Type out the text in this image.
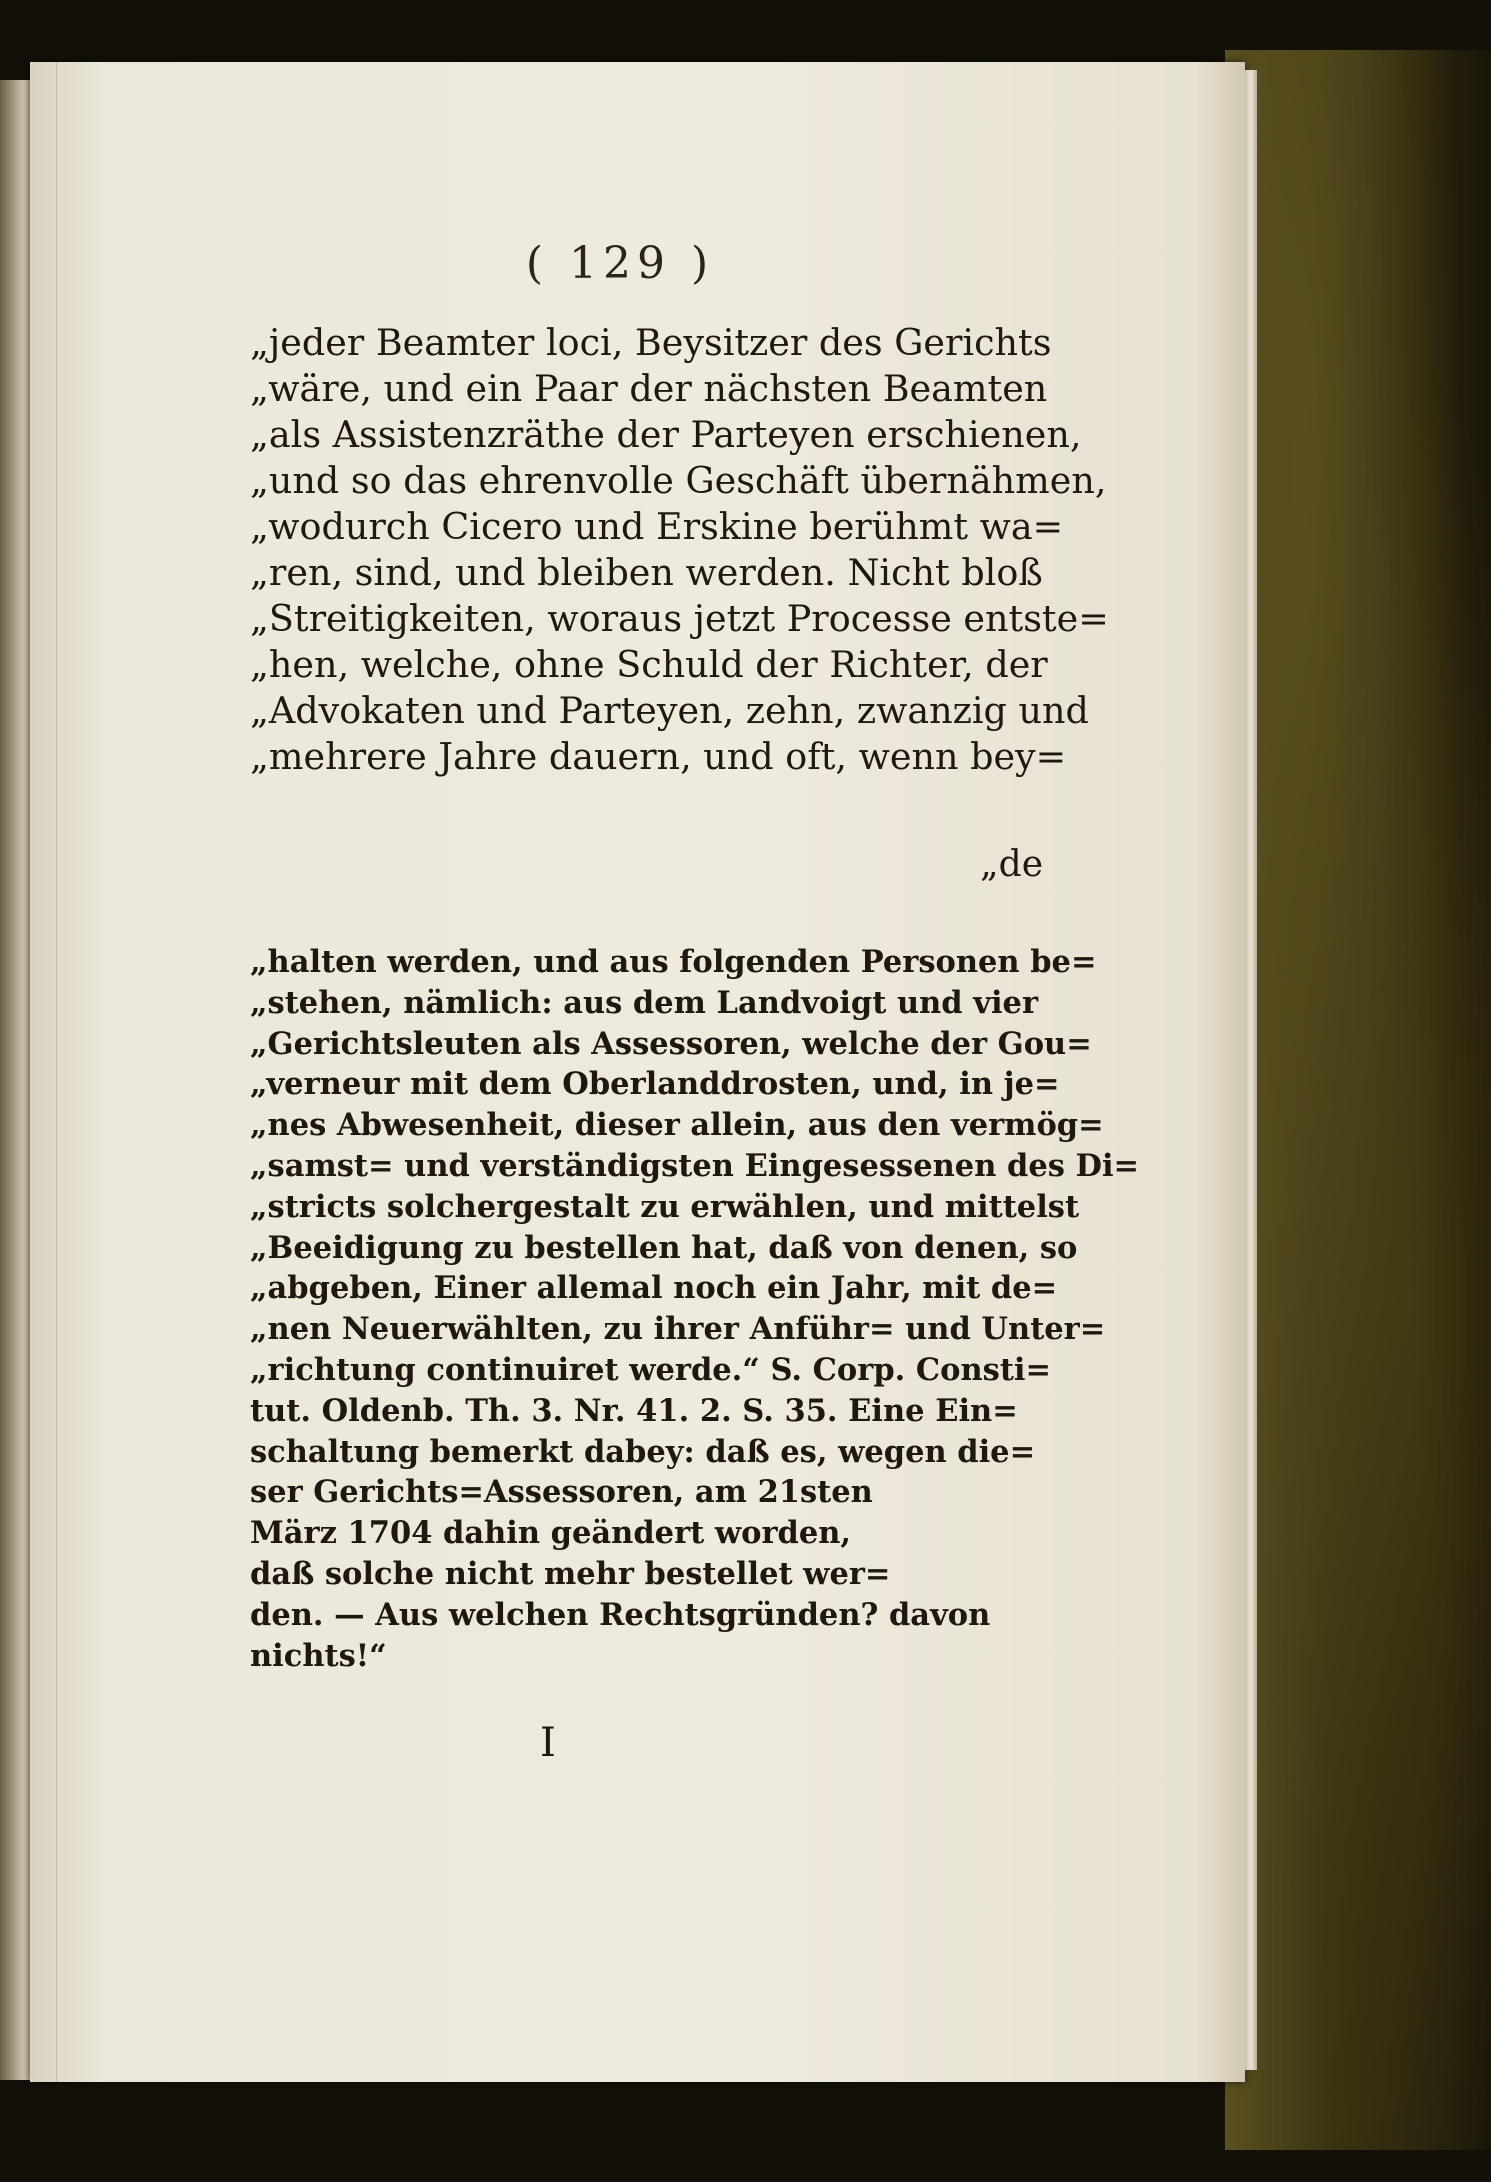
( 129 )
„jeder Beamter loci, Beysitzer des Gerichts
„wäre, und ein Paar der nächsten Beamten
„als Assistenzräthe der Parteyen erschienen,
„und so das ehrenvolle Geschäft übernähmen,
„wodurch Cicero und Erskine berühmt wa=
„ren, sind, und bleiben werden. Nicht bloß
„Streitigkeiten, woraus jetzt Processe entste=
„hen, welche, ohne Schuld der Richter, der
„Advokaten und Parteyen, zehn, zwanzig und
„mehrere Jahre dauern, und oft, wenn bey=
„de
„halten werden, und aus folgenden Personen be=
„stehen, nämlich: aus dem Landvoigt und vier
„Gerichtsleuten als Assessoren, welche der Gou=
„verneur mit dem Oberlanddrosten, und, in je=
„nes Abwesenheit, dieser allein, aus den vermög=
„samst= und verständigsten Eingesessenen des Di=
„stricts solchergestalt zu erwählen, und mittelst
„Beeidigung zu bestellen hat, daß von denen, so
„abgeben, Einer allemal noch ein Jahr, mit de=
„nen Neuerwählten, zu ihrer Anführ= und Unter=
„richtung continuiret werde.“ S. Corp. Consti=
tut. Oldenb. Th. 3. Nr. 41. 2. S. 35. Eine Ein=
schaltung bemerkt dabey: daß es, wegen die=
ser Gerichts=Assessoren, am 21sten
März 1704 dahin geändert worden,
daß solche nicht mehr bestellet wer=
den. — Aus welchen Rechtsgründen? davon
nichts!“
I
